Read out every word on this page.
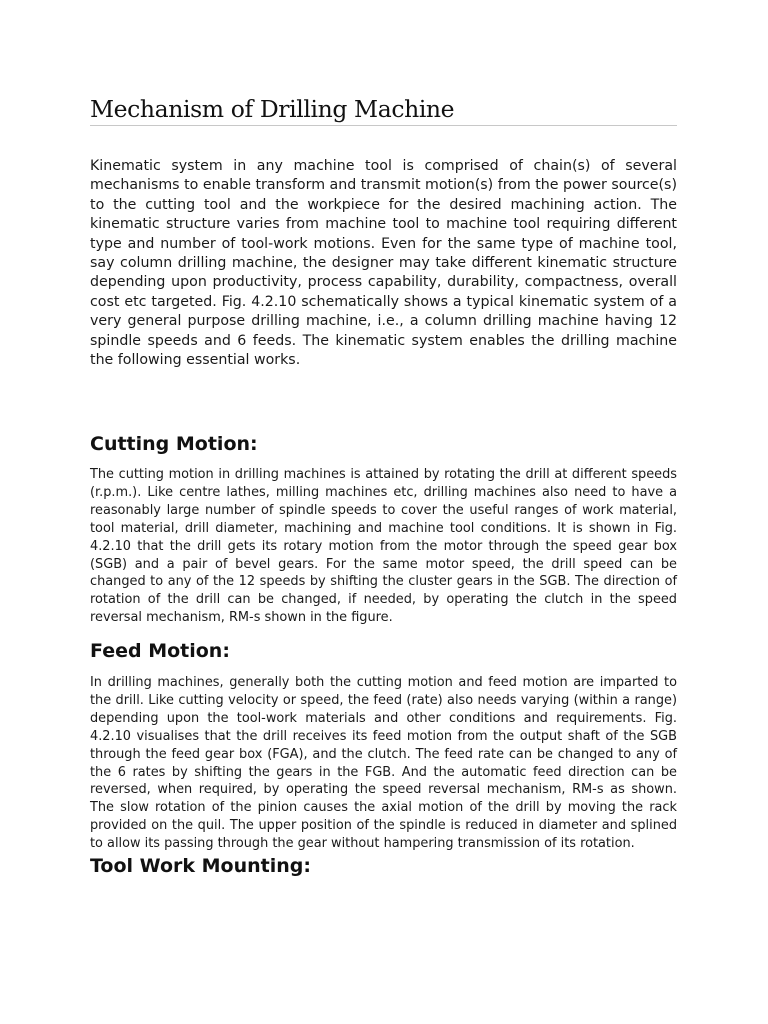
Mechanism of Drilling Machine

Kinematic system in any machine tool is comprised of chain(s) of several mechanisms to enable transform and transmit motion(s) from the power source(s) to the cutting tool and the workpiece for the desired machining action. The kinematic structure varies from machine tool to machine tool requiring different type and number of tool-work motions. Even for the same type of machine tool, say column drilling machine, the designer may take different kinematic structure depending upon productivity, process capability, durability, compactness, overall cost etc targeted. Fig. 4.2.10 schematically shows a typical kinematic system of a very general purpose drilling machine, i.e., a column drilling machine having 12 spindle speeds and 6 feeds. The kinematic system enables the drilling machine the following essential works.

Cutting Motion:

The cutting motion in drilling machines is attained by rotating the drill at different speeds (r.p.m.). Like centre lathes, milling machines etc, drilling machines also need to have a reasonably large number of spindle speeds to cover the useful ranges of work material, tool material, drill diameter, machining and machine tool conditions. It is shown in Fig. 4.2.10 that the drill gets its rotary motion from the motor through the speed gear box (SGB) and a pair of bevel gears. For the same motor speed, the drill speed can be changed to any of the 12 speeds by shifting the cluster gears in the SGB. The direction of rotation of the drill can be changed, if needed, by operating the clutch in the speed reversal mechanism, RM-s shown in the figure.

Feed Motion:

In drilling machines, generally both the cutting motion and feed motion are imparted to the drill. Like cutting velocity or speed, the feed (rate) also needs varying (within a range) depending upon the tool-work materials and other conditions and requirements. Fig. 4.2.10 visualises that the drill receives its feed motion from the output shaft of the SGB through the feed gear box (FGA), and the clutch. The feed rate can be changed to any of the 6 rates by shifting the gears in the FGB. And the automatic feed direction can be reversed, when required, by operating the speed reversal mechanism, RM-s as shown. The slow rotation of the pinion causes the axial motion of the drill by moving the rack provided on the quil. The upper position of the spindle is reduced in diameter and splined to allow its passing through the gear without hampering transmission of its rotation.

Tool Work Mounting:
